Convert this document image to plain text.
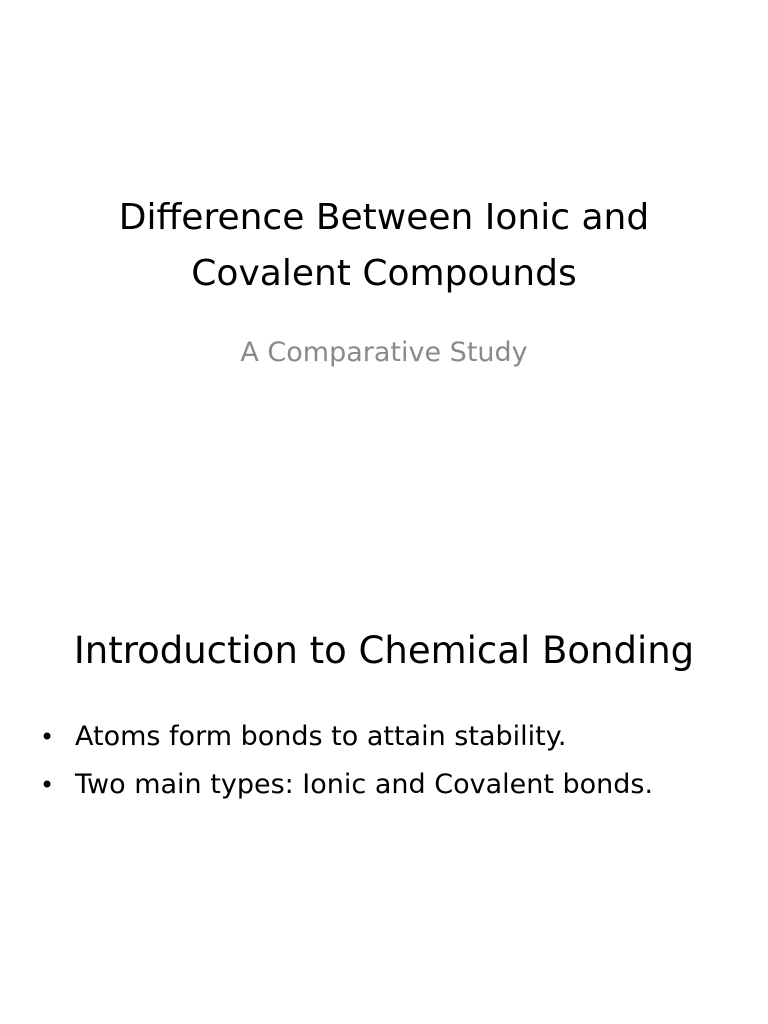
Difference Between Ionic and Covalent Compounds

A Comparative Study

Introduction to Chemical Bonding
• Atoms form bonds to attain stability.
• Two main types: Ionic and Covalent bonds.
